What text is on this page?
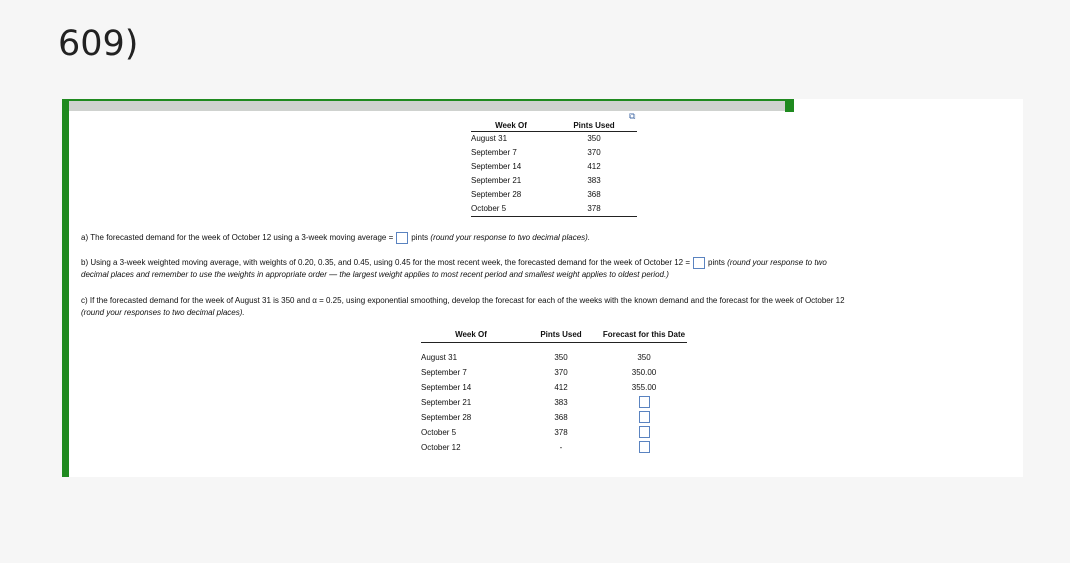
609)
⧉
Week Of	Pints Used
August 31	350
September 7	370
September 14	412
September 21	383
September 28	368
October 5	378
a) The forecasted demand for the week of October 12 using a 3-week moving average = pints (round your response to two decimal places).
b) Using a 3-week weighted moving average, with weights of 0.20, 0.35, and 0.45, using 0.45 for the most recent week, the forecasted demand for the week of October 12 = pints (round your response to two
decimal places and remember to use the weights in appropriate order — the largest weight applies to most recent period and smallest weight applies to oldest period.)
c) If the forecasted demand for the week of August 31 is 350 and α = 0.25, using exponential smoothing, develop the forecast for each of the weeks with the known demand and the forecast for the week of October 12
(round your responses to two decimal places).
Week Of	Pints Used	Forecast for this Date

August 31	350	350
September 7	370	350.00
September 14	412	355.00
September 21	383	
September 28	368	
October 5	378	
October 12	-	
